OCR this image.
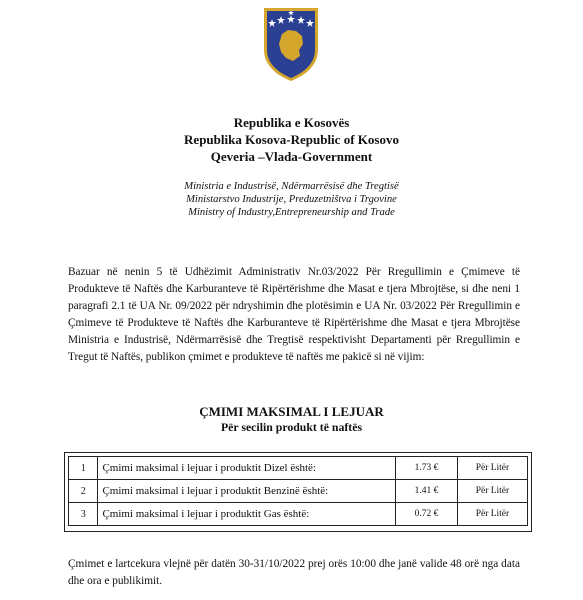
Republika e Kosovës
Republika Kosova-Republic of Kosovo
Qeveria –Vlada-Government
Ministria e Industrisë, Ndërmarrësisë dhe Tregtisë
Ministarstvo Industrije, Preduzetništva i Trgovine
Ministry of Industry,Entrepreneurship and Trade
Bazuar në nenin 5 të Udhëzimit Administrativ Nr.03/2022 Për Rregullimin e Çmimeve të Produkteve të Naftës dhe Karburanteve të Ripërtërishme dhe Masat e tjera Mbrojtëse, si dhe neni 1 paragrafi 2.1 të UA Nr. 09/2022 për ndryshimin dhe plotësimin e UA Nr. 03/2022 Për Rregullimin e Çmimeve të Produkteve të Naftës dhe Karburanteve të Ripërtërishme dhe Masat e tjera Mbrojtëse Ministria e Industrisë, Ndërmarrësisë dhe Tregtisë respektivisht Departamenti për Rregullimin e Tregut të Naftës, publikon çmimet e produkteve të naftës me pakicë si në vijim:
ÇMIMI MAKSIMAL I LEJUAR
Për secilin produkt të naftës
1	Çmimi maksimal i lejuar i produktit Dizel është:	1.73 €	Për Litër
2	Çmimi maksimal i lejuar i produktit Benzinë është:	1.41 €	Për Litër
3	Çmimi maksimal i lejuar i produktit Gas është:	0.72 €	Për Litër
Çmimet e lartcekura vlejnë për datën 30-31/10/2022 prej orës 10:00 dhe janë valide 48 orë nga data dhe ora e publikimit.
